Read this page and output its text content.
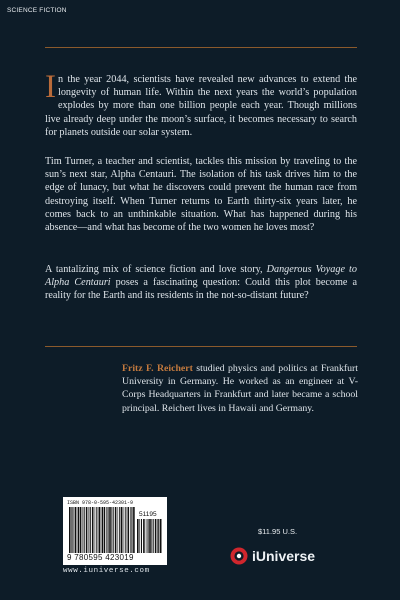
SCIENCE FICTION

In the year 2044, scientists have revealed new advances to extend the longevity of human life. Within the next years the world’s population explodes by more than one billion people each year. Though millions live already deep under the moon’s surface, it becomes necessary to search for planets outside our solar system.

Tim Turner, a teacher and scientist, tackles this mission by traveling to the sun’s next star, Alpha Centauri. The isolation of his task drives him to the edge of lunacy, but what he discovers could prevent the human race from destroying itself. When Turner returns to Earth thirty-six years later, he comes back to an unthinkable situation. What has happened during his absence—and what has become of the two women he loves most?

A tantalizing mix of science fiction and love story, Dangerous Voyage to Alpha Centauri poses a fascinating question: Could this plot become a reality for the Earth and its residents in the not-so-distant future?

Fritz F. Reichert studied physics and politics at Frankfurt University in Germany. He worked as an engineer at V-Corps Headquarters in Frankfurt and later became a school principal. Reichert lives in Hawaii and Germany.
ISBN 978-0-595-42301-9
51195
9 780595 423019
www.iuniverse.com
$11.95 U.S.
iUniverse
